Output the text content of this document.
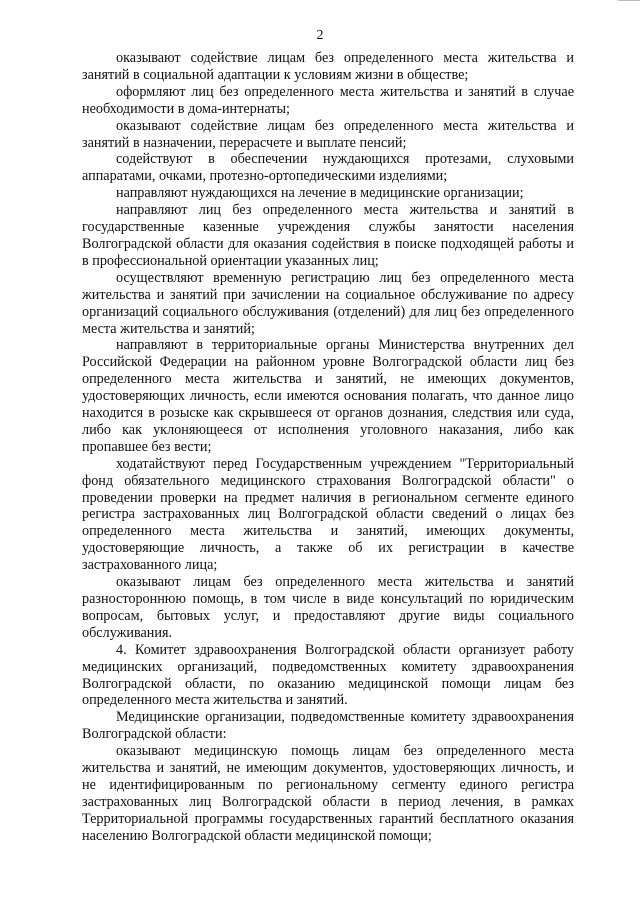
2

оказывают содействие лицам без определенного места жительства и занятий в социальной адаптации к условиям жизни в обществе;

оформляют лиц без определенного места жительства и занятий в случае необходимости в дома-интернаты;

оказывают содействие лицам без определенного места жительства и занятий в назначении, перерасчете и выплате пенсий;

содействуют в обеспечении нуждающихся протезами, слуховыми аппаратами, очками, протезно-ортопедическими изделиями;

направляют нуждающихся на лечение в медицинские организации;

направляют лиц без определенного места жительства и занятий в государственные казенные учреждения службы занятости населения Волгоградской области для оказания содействия в поиске подходящей работы и в профессиональной ориентации указанных лиц;

осуществляют временную регистрацию лиц без определенного места жительства и занятий при зачислении на социальное обслуживание по адресу организаций социального обслуживания (отделений) для лиц без определенного места жительства и занятий;

направляют в территориальные органы Министерства внутренних дел Российской Федерации на районном уровне Волгоградской области лиц без определенного места жительства и занятий, не имеющих документов, удостоверяющих личность, если имеются основания полагать, что данное лицо находится в розыске как скрывшееся от органов дознания, следствия или суда, либо как уклоняющееся от исполнения уголовного наказания, либо как пропавшее без вести;

ходатайствуют перед Государственным учреждением "Территориальный фонд обязательного медицинского страхования Волгоградской области" о проведении проверки на предмет наличия в региональном сегменте единого регистра застрахованных лиц Волгоградской области сведений о лицах без определенного места жительства и занятий, имеющих документы, удостоверяющие личность, а также об их регистрации в качестве застрахованного лица;

оказывают лицам без определенного места жительства и занятий разностороннюю помощь, в том числе в виде консультаций по юридическим вопросам, бытовых услуг, и предоставляют другие виды социального обслуживания.

4. Комитет здравоохранения Волгоградской области организует работу медицинских организаций, подведомственных комитету здравоохранения Волгоградской области, по оказанию медицинской помощи лицам без определенного места жительства и занятий.

Медицинские организации, подведомственные комитету здравоохранения Волгоградской области:

оказывают медицинскую помощь лицам без определенного места жительства и занятий, не имеющим документов, удостоверяющих личность, и не идентифицированным по региональному сегменту единого регистра застрахованных лиц Волгоградской области в период лечения, в рамках Территориальной программы государственных гарантий бесплатного оказания населению Волгоградской области медицинской помощи;
